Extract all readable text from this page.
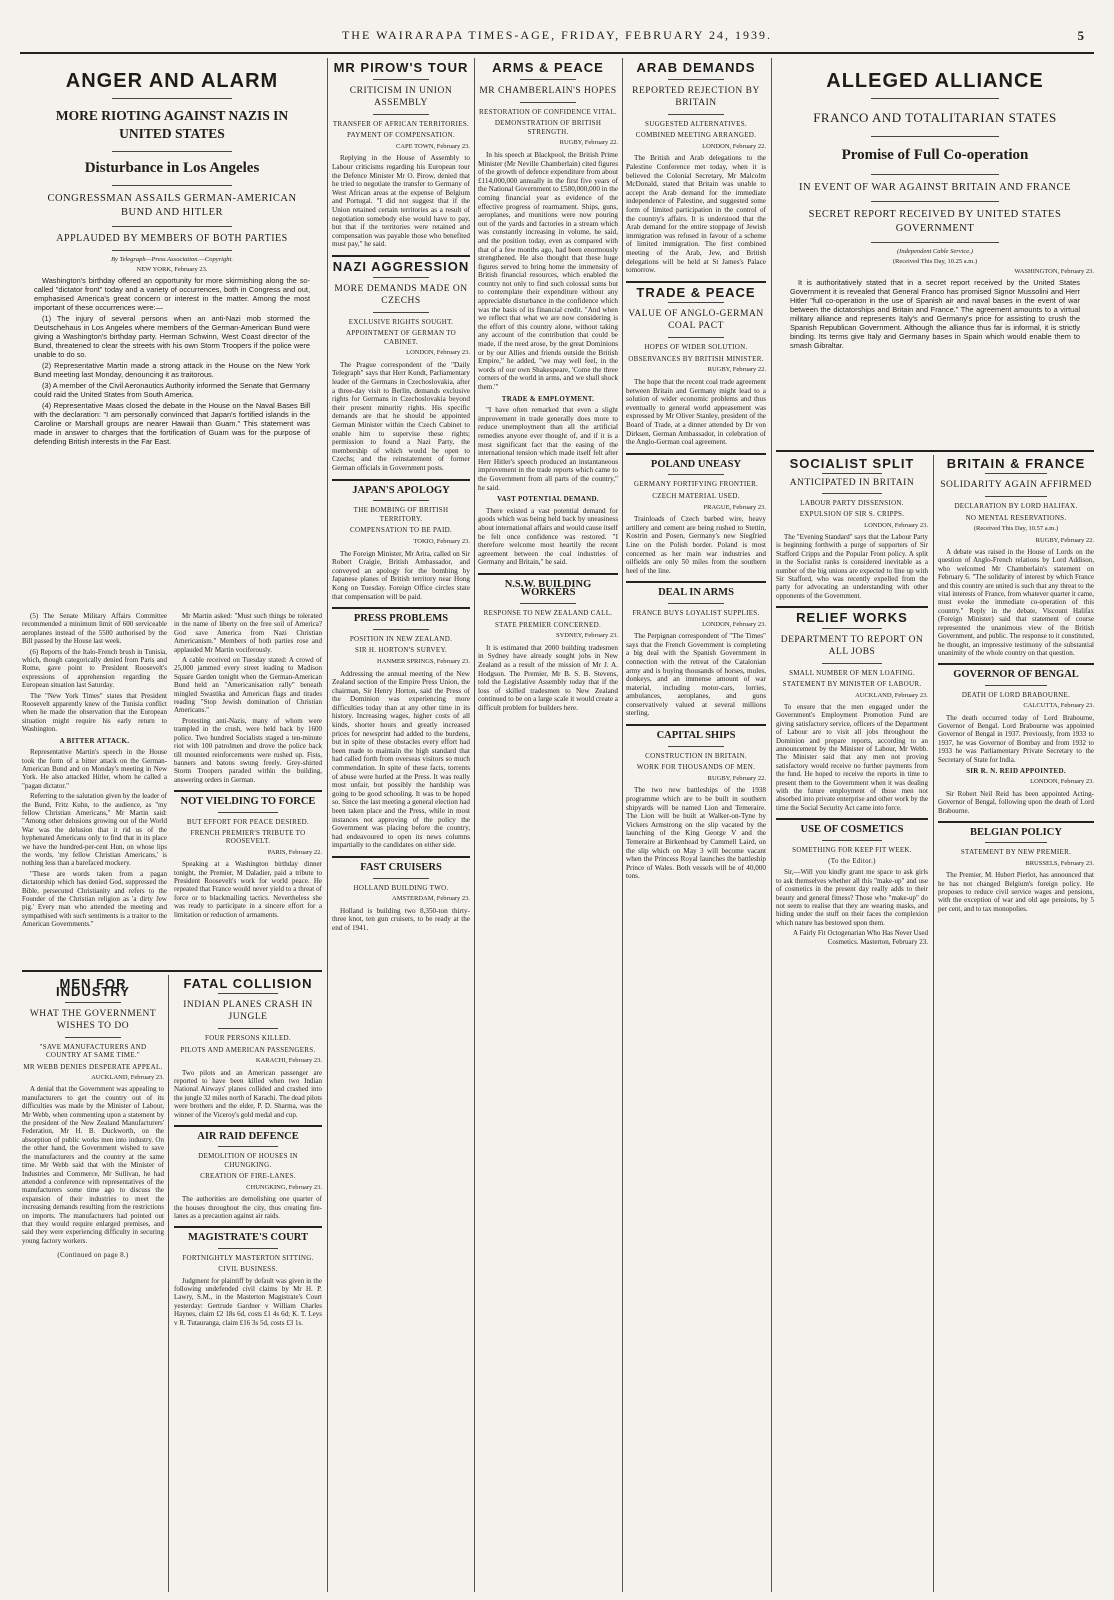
THE WAIRARAPA TIMES-AGE, FRIDAY, FEBRUARY 24, 1939.	5
ANGER AND ALARM
MORE RIOTING AGAINST NAZIS IN UNITED STATES
Disturbance in Los Angeles
CONGRESSMAN ASSAILS GERMAN-AMERICAN BUND AND HITLER
APPLAUDED BY MEMBERS OF BOTH PARTIES
By Telegraph—Press Association.—Copyright.
NEW YORK, February 23.

Washington's birthday offered an opportunity for more skirmishing along the so-called "dictator front" today and a variety of occurrences, both in Congress and out, emphasised America's great concern or interest in the matter. Among the most important of these occurrences were:—

(1) The injury of several persons when an anti-Nazi mob stormed the Deutschehaus in Los Angeles where members of the German-American Bund were giving a Washington's birthday party. Herman Schwinn, West Coast director of the Bund, threatened to clear the streets with his own Storm Troopers if the police were unable to do so.

(2) Representative Martin made a strong attack in the House on the New York Bund meeting last Monday, denouncing it as traitorous.

(3) A member of the Civil Aeronautics Authority informed the Senate that Germany could raid the United States from South America.

(4) Representative Maas closed the debate in the House on the Naval Bases Bill with the declaration: "I am personally convinced that Japan's fortified islands in the Caroline or Marshall groups are nearer Hawaii than Guam." This statement was made in answer to charges that the fortification of Guam was for the purpose of defending British interests in the Far East.

(5) The Senate Military Affairs Committee recommended a minimum limit of 600 serviceable aeroplanes instead of the 5500 authorised by the Bill passed by the House last week.

(6) Reports of the Italo-French brush in Tunisia, which, though categorically denied from Paris and Rome, gave point to President Roosevelt's expressions of apprehension regarding the European situation last Saturday.

The "New York Times" states that President Roosevelt apparently knew of the Tunisia conflict when he made the observation that the European situation might require his early return to Washington.

A BITTER ATTACK.

Representative Martin's speech in the House took the form of a bitter attack on the German-American Bund and on Monday's meeting in New York. He also attacked Hitler, whom he called a "pagan dictator."

Referring to the salutation given by the leader of the Bund, Fritz Kuhn, to the audience, as "my fellow Christian Americans," Mr Martin said: "Among other delusions growing out of the World War was the delusion that it rid us of the hyphenated Americans only to find that in its place we have the hundred-per-cent Hun, on whose lips the words, 'my fellow Christian Americans,' is nothing less than a barefaced mockery.

"These are words taken from a pagan dictatorship which has denied God, suppressed the Bible, persecuted Christianity and refers to the Founder of the Christian religion as 'a dirty Jew pig.' Every man who attended the meeting and sympathised with such sentiments is a traitor to the American Governments."

Mr Martin asked: "Must such things be tolerated in the name of liberty on the free soil of America? God save America from Nazi Christian Americanism." Members of both parties rose and applauded Mr Martin vociferously.

A cable received on Tuesday stated: A crowd of 25,000 jammed every street leading to Madison Square Garden tonight when the German-American Bund held an "Americanisation rally" beneath mingled Swastika and American flags and tirades reading "Stop Jewish domination of Christian Americans."

Protesting anti-Nazis, many of whom were trampled in the crush, were held back by 1600 police. Two hundred Socialists staged a ten-minute riot with 100 patrolmen and drove the police back till mounted reinforcements were rushed up. Fists, banners and batons swung freely. Grey-shirted Storm Troopers paraded within the building, answering orders in German.

NOT VIELDING TO FORCE
BUT EFFORT FOR PEACE DESIRED.
FRENCH PREMIER'S TRIBUTE TO ROOSEVELT.
PARIS, February 22.

Speaking at a Washington birthday dinner tonight, the Premier, M Daladier, paid a tribute to President Roosevelt's work for world peace. He repeated that France would never yield to a threat of force or to blackmailing tactics. Nevertheless she was ready to participate in a sincere effort for a limitation or reduction of armaments.

MEN FOR INDUSTRY
WHAT THE GOVERNMENT WISHES TO DO
"SAVE MANUFACTURERS AND COUNTRY AT SAME TIME."
MR WEBB DENIES DESPERATE APPEAL.
AUCKLAND, February 23.

A denial that the Government was appealing to manufacturers to get the country out of its difficulties was made by the Minister of Labour, Mr Webb, when commenting upon a statement by the president of the New Zealand Manufacturers' Federation, Mr H. B. Duckworth, on the absorption of public works men into industry. On the other hand, the Government wished to save the manufacturers and the country at the same time. Mr Webb said that with the Minister of Industries and Commerce, Mr Sullivan, he had attended a conference with representatives of the manufacturers some time ago to discuss the expansion of their industries to meet the increasing demands resulting from the restrictions on imports. The manufacturers had pointed out that they would require enlarged premises, and said they were experiencing difficulty in securing young factory workers.

(Continued on page 8.)
FATAL COLLISION
INDIAN PLANES CRASH IN JUNGLE
FOUR PERSONS KILLED.
PILOTS AND AMERICAN PASSENGERS.
KARACHI, February 23.

Two pilots and an American passenger are reported to have been killed when two Indian National Airways' planes collided and crashed into the jungle 32 miles north of Karachi. The dead pilots were brothers and the elder, P. D. Sharma, was the winner of the Viceroy's gold medal and cup.

AIR RAID DEFENCE
DEMOLITION OF HOUSES IN CHUNGKING.
CREATION OF FIRE-LANES.
CHUNGKING, February 23.

The authorities are demolishing one quarter of the houses throughout the city, thus creating fire-lanes as a precaution against air raids.

MAGISTRATE'S COURT
FORTNIGHTLY MASTERTON SITTING.
CIVIL BUSINESS.

Judgment for plaintiff by default was given in the following undefended civil claims by Mr H. P. Lawry, S.M., in the Masterton Magistrate's Court yesterday: Gertrude Gardner v William Charles Haynes, claim £2 18s 6d, costs £1 4s 6d; K. T. Leys v R. Tutauranga, claim £16 3s 5d, costs £3 1s.

MR PIROW'S TOUR
CRITICISM IN UNION ASSEMBLY
TRANSFER OF AFRICAN TERRITORIES.
PAYMENT OF COMPENSATION.
CAPE TOWN, February 23.

Replying in the House of Assembly to Labour criticisms regarding his European tour the Defence Minister Mr O. Pirow, denied that he tried to negotiate the transfer to Germany of West African areas at the expense of Belgium and Portugal. "I did not suggest that if the Union retained certain territories as a result of negotiation somebody else would have to pay, but that if the territories were retained and compensation was payable those who benefited must pay," he said.

NAZI AGGRESSION
MORE DEMANDS MADE ON CZECHS
EXCLUSIVE RIGHTS SOUGHT.
APPOINTMENT OF GERMAN TO CABINET.
LONDON, February 23.

The Prague correspondent of the "Daily Telegraph" says that Herr Kundt, Parliamentary leader of the Germans in Czechoslovakia, after a three-day visit to Berlin, demands exclusive rights for Germans in Czechoslovakia beyond their present minority rights. His specific demands are that he should be appointed German Minister within the Czech Cabinet to enable him to supervise these rights; permission to found a Nazi Party, the membership of which would be open to Czechs; and the reinstatement of former German officials in Government posts.

JAPAN'S APOLOGY
THE BOMBING OF BRITISH TERRITORY.
COMPENSATION TO BE PAID.
TOKIO, February 23.

The Foreign Minister, Mr Arita, called on Sir Robert Craigie, British Ambassador, and conveyed an apology for the bombing by Japanese planes of British territory near Hong Kong on Tuesday. Foreign Office circles state that compensation will be paid.

PRESS PROBLEMS
POSITION IN NEW ZEALAND.
SIR H. HORTON'S SURVEY.
HANMER SPRINGS, February 23.

Addressing the annual meeting of the New Zealand section of the Empire Press Union, the chairman, Sir Henry Horton, said the Press of the Dominion was experiencing more difficulties today than at any other time in its history. Increasing wages, higher costs of all kinds, shorter hours and greatly increased prices for newsprint had added to the burdens, but in spite of these obstacles every effort had been made to maintain the high standard that had called forth from overseas visitors so much commendation. In spite of these facts, torrents of abuse were hurled at the Press. It was really most unfair, but possibly the hardship was going to be good schooling. It was to be hoped so. Since the last meeting a general election had been taken place and the Press, while in most instances not approving of the policy the Government was placing before the country, had endeavoured to open its news columns impartially to the candidates on either side.

FAST CRUISERS
HOLLAND BUILDING TWO.
AMSTERDAM, February 23.

Holland is building two 8,350-ton thirty-three knot, ten gun cruisers, to be ready at the end of 1941.

ARMS & PEACE
MR CHAMBERLAIN'S HOPES
RESTORATION OF CONFIDENCE VITAL.
DEMONSTRATION OF BRITISH STRENGTH.
RUGBY, February 22.

In his speech at Blackpool, the British Prime Minister (Mr Neville Chamberlain) cited figures of the growth of defence expenditure from about £114,000,000 annually in the first five years of the National Government to £580,000,000 in the coming financial year as evidence of the effective progress of rearmament. Ships, guns, aeroplanes, and munitions were now pouring out of the yards and factories in a stream which was constantly increasing in volume, he said, and the position today, even as compared with that of a few months ago, had been enormously strengthened. He also thought that these huge figures served to bring home the immensity of British financial resources, which enabled the country not only to find such colossal sums but to contemplate their expenditure without any appreciable disturbance in the confidence which was the basis of its financial credit. "And when we reflect that what we are now considering is the effort of this country alone, without taking any account of the contribution that could be made, if the need arose, by the great Dominions or by our Allies and friends outside the British Empire," he added, "we may well feel, in the words of our own Shakespeare, 'Come the three corners of the world in arms, and we shall shock them.'"

TRADE & EMPLOYMENT.

"I have often remarked that even a slight improvement in trade generally does more to reduce unemployment than all the artificial remedies anyone ever thought of, and if it is a most significant fact that the easing of the international tension which made itself felt after Herr Hitler's speech produced an instantaneous improvement in the trade reports which came to the Government from all parts of the country," he said.

VAST POTENTIAL DEMAND.

There existed a vast potential demand for goods which was being held back by uneasiness about international affairs and would cause itself be felt once confidence was restored. "I therefore welcome most heartily the recent agreement between the coal industries of Germany and Britain," he said.

N.S.W. BUILDING WORKERS
RESPONSE TO NEW ZEALAND CALL.
STATE PREMIER CONCERNED.
SYDNEY, February 23.

It is estimated that 2000 building tradesmen in Sydney have already sought jobs in New Zealand as a result of the mission of Mr J. A. Hodgson. The Premier, Mr B. S. B. Stevens, told the Legislative Assembly today that if the loss of skilled tradesmen to New Zealand continued to be on a large scale it would create a difficult problem for builders here.

ARAB DEMANDS
REPORTED REJECTION BY BRITAIN
SUGGESTED ALTERNATIVES.
COMBINED MEETING ARRANGED.
LONDON, February 22.

The British and Arab delegations to the Palestine Conference met today, when it is believed the Colonial Secretary, Mr Malcolm McDonald, stated that Britain was unable to accept the Arab demand for the immediate independence of Palestine, and suggested some form of limited participation in the control of the country's affairs. It is understood that the Arab demand for the entire stoppage of Jewish immigration was refused in favour of a scheme of limited immigration. The first combined meeting of the Arab, Jew, and British delegations will be held at St James's Palace tomorrow.

TRADE & PEACE
VALUE OF ANGLO-GERMAN COAL PACT
HOPES OF WIDER SOLUTION.
OBSERVANCES BY BRITISH MINISTER.
RUGBY, February 22.

The hope that the recent coal trade agreement between Britain and Germany might lead to a solution of wider economic problems and thus eventually to general world appeasement was expressed by Mr Oliver Stanley, president of the Board of Trade, at a dinner attended by Dr von Dirksen, German Ambassador, in celebration of the Anglo-German coal agreement.

POLAND UNEASY
GERMANY FORTIFYING FRONTIER.
CZECH MATERIAL USED.
PRAGUE, February 23.

Trainloads of Czech barbed wire, heavy artillery and cement are being rushed to Stettin, Kostrin and Posen, Germany's new Siegfried Line on the Polish border. Poland is most concerned as her main war industries and oilfields are only 50 miles from the southern heel of the line.

DEAL IN ARMS
FRANCE BUYS LOYALIST SUPPLIES.
LONDON, February 23.

The Perpignan correspondent of "The Times" says that the French Government is completing a big deal with the Spanish Government in connection with the retreat of the Catalonian army and is buying thousands of horses, mules, donkeys, and an immense amount of war material, including motor-cars, lorries, ambulances, aeroplanes, and guns conservatively valued at several millions sterling.

CAPITAL SHIPS
CONSTRUCTION IN BRITAIN.
WORK FOR THOUSANDS OF MEN.
RUGBY, February 22.

The two new battleships of the 1938 programme which are to be built in southern shipyards will be named Lion and Temeraire. The Lion will be built at Walker-on-Tyne by Vickers Armstrong on the slip vacated by the launching of the King George V and the Temeraire at Birkenhead by Cammell Laird, on the slip which on May 3 will become vacant when the Princess Royal launches the battleship Prince of Wales. Both vessels will be of 40,000 tons.

ALLEGED ALLIANCE
FRANCO AND TOTALITARIAN STATES
Promise of Full Co-operation
IN EVENT OF WAR AGAINST BRITAIN AND FRANCE
SECRET REPORT RECEIVED BY UNITED STATES GOVERNMENT
(Independent Cable Service.)
(Received This Day, 10.25 a.m.)
WASHINGTON, February 23.

It is authoritatively stated that in a secret report received by the United States Government it is revealed that General Franco has promised Signor Mussolini and Herr Hitler "full co-operation in the use of Spanish air and naval bases in the event of war between the dictatorships and Britain and France." The agreement amounts to a virtual military alliance and represents Italy's and Germany's price for assisting to crush the Spanish Republican Government. Although the alliance thus far is informal, it is strictly binding. Its terms give Italy and Germany bases in Spain which would enable them to smash Gibraltar.

SOCIALIST SPLIT
ANTICIPATED IN BRITAIN
LABOUR PARTY DISSENSION.
EXPULSION OF SIR S. CRIPPS.
LONDON, February 23.

The "Evening Standard" says that the Labour Party is beginning forthwith a purge of supporters of Sir Stafford Cripps and the Popular Front policy. A split in the Socialist ranks is considered inevitable as a number of the big unions are expected to line up with Sir Stafford, who was recently expelled from the party for advocating an understanding with other opponents of the Government.

RELIEF WORKS
DEPARTMENT TO REPORT ON ALL JOBS
SMALL NUMBER OF MEN LOAFING.
STATEMENT BY MINISTER OF LABOUR.
AUCKLAND, February 23.

To ensure that the men engaged under the Government's Employment Promotion Fund are giving satisfactory service, officers of the Department of Labour are to visit all jobs throughout the Dominion and prepare reports, according to an announcement by the Minister of Labour, Mr Webb. The Minister said that any men not proving satisfactory would receive no further payments from the fund. He hoped to receive the reports in time to present them to the Government when it was dealing with the future employment of those men not absorbed into private enterprise and other work by the time the Social Security Act came into force.

USE OF COSMETICS
SOMETHING FOR KEEP FIT WEEK.
(To the Editor.)

Sir,—Will you kindly grant me space to ask girls to ask themselves whether all this "make-up" and use of cosmetics in the present day really adds to their beauty and general fitness? Those who "make-up" do not seem to realise that they are wearing masks, and hiding under the stuff on their faces the complexion which nature has bestowed upon them.

A Fairly Fit Octogenarian Who Has Never Used Cosmetics. Masterton, February 23.

BRITAIN & FRANCE
SOLIDARITY AGAIN AFFIRMED
DECLARATION BY LORD HALIFAX.
NO MENTAL RESERVATIONS.
(Received This Day, 10.57 a.m.)
RUGBY, February 22.

A debate was raised in the House of Lords on the question of Anglo-French relations by Lord Addison, who welcomed Mr Chamberlain's statement on February 6. "The solidarity of interest by which France and this country are united is such that any threat to the vital interests of France, from whatever quarter it came, must evoke the immediate co-operation of this country." Reply in the debate, Viscount Halifax (Foreign Minister) said that statement of course represented the unanimous view of the British Government, and public. The response to it constituted, he thought, an impressive testimony of the substantial unanimity of the whole country on that question.

GOVERNOR OF BENGAL
DEATH OF LORD BRABOURNE.
CALCUTTA, February 23.

The death occurred today of Lord Brabourne, Governor of Bengal. Lord Brabourne was appointed Governor of Bengal in 1937. Previously, from 1933 to 1937, he was Governor of Bombay and from 1932 to 1933 he was Parliamentary Private Secretary to the Secretary of State for India.

SIR R. N. REID APPOINTED.
LONDON, February 23.

Sir Robert Neil Reid has been appointed Acting-Governor of Bengal, following upon the death of Lord Brabourne.

BELGIAN POLICY
STATEMENT BY NEW PREMIER.
BRUSSELS, February 23.

The Premier, M. Hubert Pierlot, has announced that he has not changed Belgium's foreign policy. He proposes to reduce civil service wages and pensions, with the exception of war and old age pensions, by 5 per cent, and to tax monopolies.
